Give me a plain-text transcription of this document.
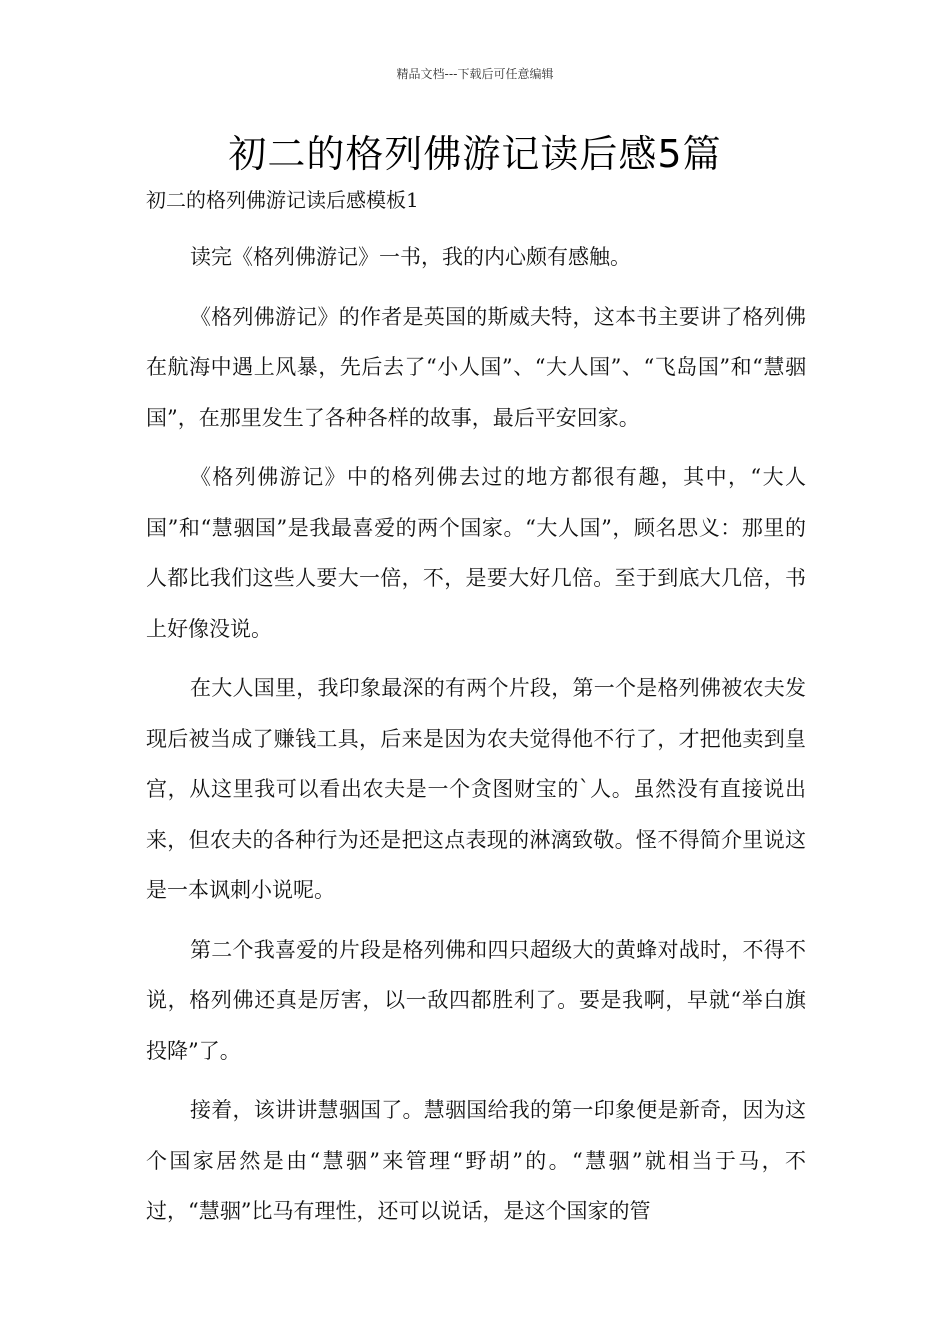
精品文档---下载后可任意编辑
初二的格列佛游记读后感5篇
初二的格列佛游记读后感模板1

读完《格列佛游记》一书，我的内心颇有感触。

《格列佛游记》的作者是英国的斯威夫特，这本书主要讲了格列佛在航海中遇上风暴，先后去了“小人国”、“大人国”、“飞岛国”和“慧骃国”，在那里发生了各种各样的故事，最后平安回家。

《格列佛游记》中的格列佛去过的地方都很有趣，其中，“大人国”和“慧骃国”是我最喜爱的两个国家。“大人国”，顾名思义：那里的人都比我们这些人要大一倍，不，是要大好几倍。至于到底大几倍，书上好像没说。

在大人国里，我印象最深的有两个片段，第一个是格列佛被农夫发现后被当成了赚钱工具，后来是因为农夫觉得他不行了，才把他卖到皇宫，从这里我可以看出农夫是一个贪图财宝的`人。虽然没有直接说出来，但农夫的各种行为还是把这点表现的淋漓致敬。怪不得简介里说这是一本讽刺小说呢。

第二个我喜爱的片段是格列佛和四只超级大的黄蜂对战时，不得不说，格列佛还真是厉害，以一敌四都胜利了。要是我啊，早就“举白旗投降”了。

接着，该讲讲慧骃国了。慧骃国给我的第一印象便是新奇，因为这个国家居然是由“慧骃”来管理“野胡”的。“慧骃”就相当于马，不过，“慧骃”比马有理性，还可以说话，是这个国家的管
